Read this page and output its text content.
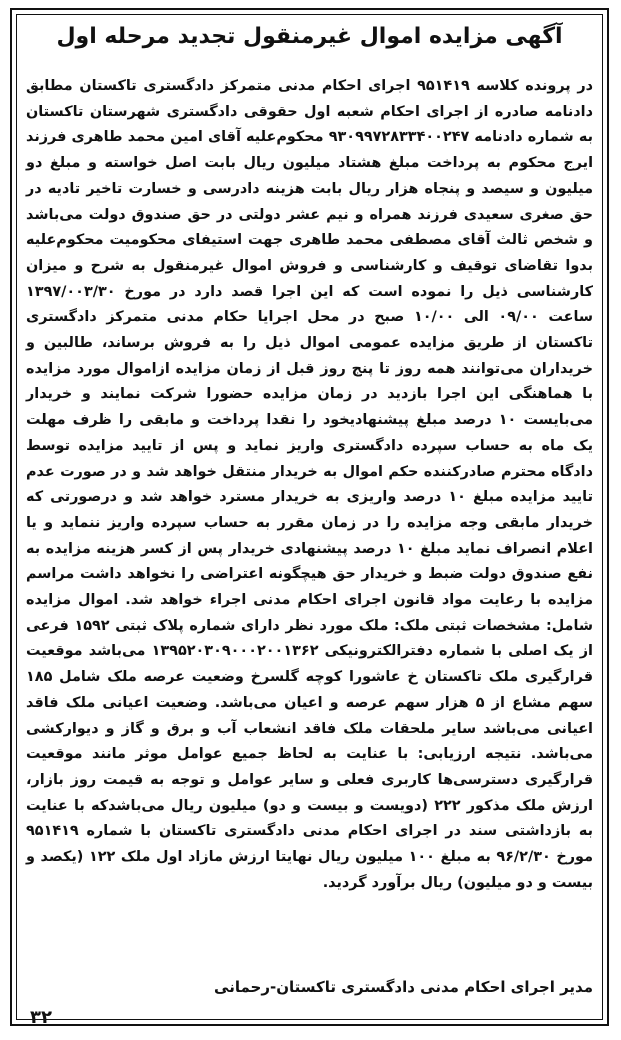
آگهی مزایده اموال غیرمنقول تجدید مرحله اول
در پرونده کلاسه ۹۵۱۴۱۹ اجرای احکام مدنی متمرکز دادگستری تاکستان مطابق دادنامه صادره از اجرای احکام شعبه اول حقوقی دادگستری شهرستان تاکستان به شماره دادنامه ۹۳۰۹۹۷۲۸۳۳۴۰۰۲۴۷ محکوم‌علیه آقای امین محمد طاهری فرزند ایرج محکوم به پرداخت مبلغ هشتاد میلیون ریال بابت اصل خواسته و مبلغ دو میلیون و سیصد و پنجاه هزار ریال بابت هزینه دادرسی و خسارت تاخیر تادیه در حق صغری سعیدی فرزند همراه و نیم عشر دولتی در حق صندوق دولت می‌باشد و شخص ثالث آقای مصطفی محمد طاهری جهت استیفای محکومیت محکوم‌علیه بدوا تقاضای توقیف و کارشناسی و فروش اموال غیرمنقول به شرح و میزان کارشناسی ذیل را نموده است که این اجرا قصد دارد در مورخ ۱۳۹۷/۰۰۳/۳۰ ساعت ۰۹/۰۰ الی ۱۰/۰۰ صبح در محل اجرایا حکام مدنی متمرکز دادگستری تاکستان از طریق مزایده عمومی اموال ذیل را به فروش برساند، طالبین و خریداران می‌توانند همه روز تا پنج روز قبل از زمان مزایده ازاموال مورد مزایده با هماهنگی این اجرا بازدید در زمان مزایده حضورا شرکت نمایند و خریدار می‌بایست ۱۰ درصد مبلغ پیشنهادیخود را نقدا پرداخت و مابقی را ظرف مهلت یک ماه به حساب سپرده دادگستری واریز نماید و پس از تایید مزایده توسط دادگاه محترم صادرکننده حکم اموال به خریدار منتقل خواهد شد و در صورت عدم تایید مزایده مبلغ ۱۰ درصد واریزی به خریدار مسترد خواهد شد و درصورتی که خریدار مابقی وجه مزایده را در زمان مقرر به حساب سپرده واریز ننماید و یا اعلام انصراف نماید مبلغ ۱۰ درصد پیشنهادی خریدار پس از کسر هزینه مزایده به نفع صندوق دولت ضبط و خریدار حق هیچگونه اعتراضی را نخواهد داشت مراسم مزایده با رعایت مواد قانون اجرای احکام مدنی اجراء خواهد شد. اموال مزایده شامل: مشخصات ثبتی ملک: ملک مورد نظر دارای شماره پلاک ثبتی ۱۵۹۲ فرعی از یک اصلی با شماره دفترالکترونیکی ۱۳۹۵۲۰۳۰۹۰۰۰۲۰۰۱۳۶۲ می‌باشد موقعیت قرارگیری ملک تاکستان خ عاشورا کوچه گلسرخ وضعیت عرصه ملک شامل ۱۸۵ سهم مشاع از ۵ هزار سهم عرصه و اعیان می‌باشد. وضعیت اعیانی ملک فاقد اعیانی می‌باشد سایر ملحقات ملک فاقد انشعاب آب و برق و گاز و دیوارکشی می‌باشد. نتیجه ارزیابی: با عنایت به لحاظ جمیع عوامل موثر مانند موقعیت قرارگیری دسترسی‌ها کاربری فعلی و سایر عوامل و توجه به قیمت روز بازار، ارزش ملک مذکور ۲۲۲ (دویست و بیست و دو) میلیون ریال می‌باشدکه با عنایت به بازداشتی سند در اجرای احکام مدنی دادگستری تاکستان با شماره ۹۵۱۴۱۹ مورخ ۹۶/۲/۳۰ به مبلغ ۱۰۰ میلیون ریال نهایتا ارزش مازاد اول ملک ۱۲۲ (یکصد و بیست و دو میلیون) ریال برآورد گردید.
مدیر اجرای احکام مدنی دادگستری تاکستان-رحمانی
۳۲
